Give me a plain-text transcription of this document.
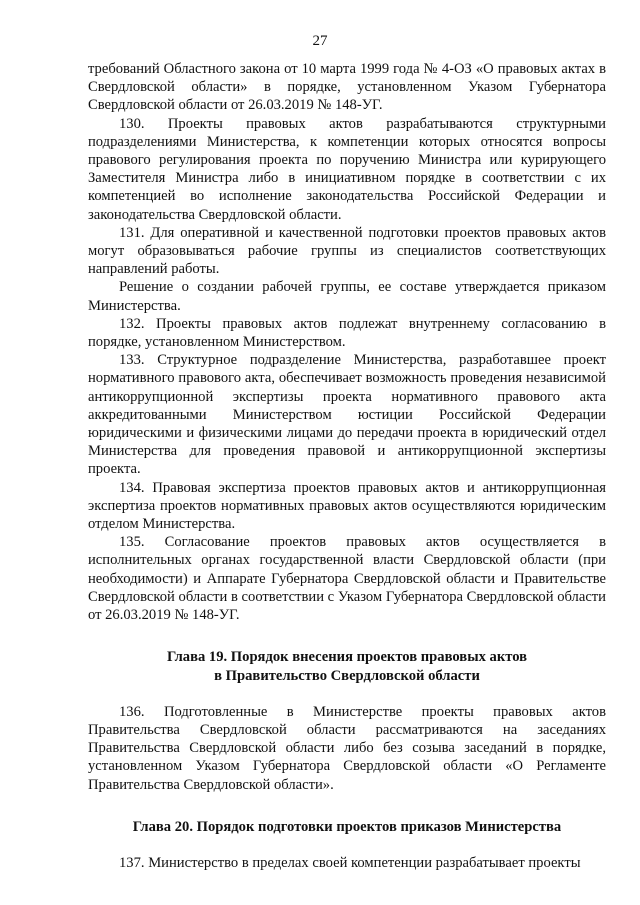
27

требований Областного закона от 10 марта 1999 года № 4-ОЗ «О правовых актах в Свердловской области» в порядке, установленном Указом Губернатора Свердловской области от 26.03.2019 № 148-УГ.

130. Проекты правовых актов разрабатываются структурными подразделениями Министерства, к компетенции которых относятся вопросы правового регулирования проекта по поручению Министра или курирующего Заместителя Министра либо в инициативном порядке в соответствии с их компетенцией во исполнение законодательства Российской Федерации и законодательства Свердловской области.

131. Для оперативной и качественной подготовки проектов правовых актов могут образовываться рабочие группы из специалистов соответствующих направлений работы.

Решение о создании рабочей группы, ее составе утверждается приказом Министерства.

132. Проекты правовых актов подлежат внутреннему согласованию в порядке, установленном Министерством.

133. Структурное подразделение Министерства, разработавшее проект нормативного правового акта, обеспечивает возможность проведения независимой антикоррупционной экспертизы проекта нормативного правового акта аккредитованными Министерством юстиции Российской Федерации юридическими и физическими лицами до передачи проекта в юридический отдел Министерства для проведения правовой и антикоррупционной экспертизы проекта.

134. Правовая экспертиза проектов правовых актов и антикоррупционная экспертиза проектов нормативных правовых актов осуществляются юридическим отделом Министерства.

135. Согласование проектов правовых актов осуществляется в исполнительных органах государственной власти Свердловской области (при необходимости) и Аппарате Губернатора Свердловской области и Правительстве Свердловской области в соответствии с Указом Губернатора Свердловской области от 26.03.2019 № 148-УГ.

Глава 19. Порядок внесения проектов правовых актов

в Правительство Свердловской области

136. Подготовленные в Министерстве проекты правовых актов Правительства Свердловской области рассматриваются на заседаниях Правительства Свердловской области либо без созыва заседаний в порядке, установленном Указом Губернатора Свердловской области «О Регламенте Правительства Свердловской области».

Глава 20. Порядок подготовки проектов приказов Министерства

137. Министерство в пределах своей компетенции разрабатывает проекты
